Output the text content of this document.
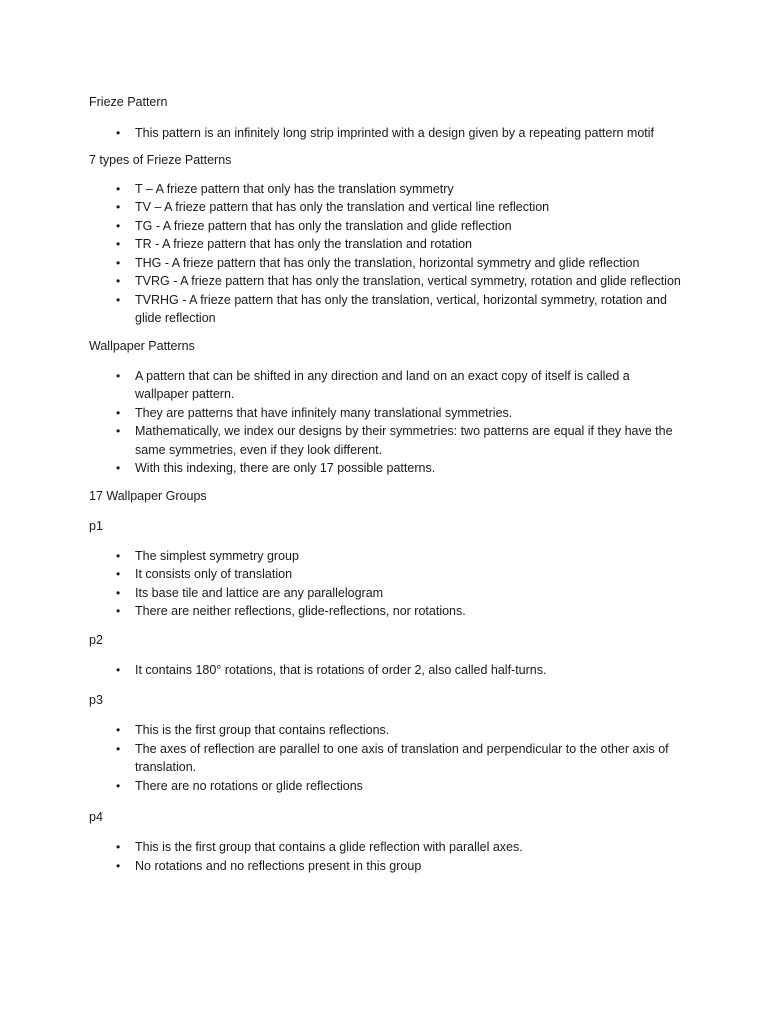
Frieze Pattern

• This pattern is an infinitely long strip imprinted with a design given by a repeating pattern motif

7 types of Frieze Patterns

• T – A frieze pattern that only has the translation symmetry
• TV – A frieze pattern that has only the translation and vertical line reflection
• TG - A frieze pattern that has only the translation and glide reflection
• TR - A frieze pattern that has only the translation and rotation
• THG - A frieze pattern that has only the translation, horizontal symmetry and glide reflection
• TVRG - A frieze pattern that has only the translation, vertical symmetry, rotation and glide reflection
• TVRHG - A frieze pattern that has only the translation, vertical, horizontal symmetry, rotation and glide reflection

Wallpaper Patterns

• A pattern that can be shifted in any direction and land on an exact copy of itself is called a wallpaper pattern.
• They are patterns that have infinitely many translational symmetries.
• Mathematically, we index our designs by their symmetries: two patterns are equal if they have the same symmetries, even if they look different.
• With this indexing, there are only 17 possible patterns.

17 Wallpaper Groups

p1

• The simplest symmetry group
• It consists only of translation
• Its base tile and lattice are any parallelogram
• There are neither reflections, glide-reflections, nor rotations.

p2

• It contains 180° rotations, that is rotations of order 2, also called half-turns.

p3

• This is the first group that contains reflections.
• The axes of reflection are parallel to one axis of translation and perpendicular to the other axis of translation.
• There are no rotations or glide reflections

p4

• This is the first group that contains a glide reflection with parallel axes.
• No rotations and no reflections present in this group
